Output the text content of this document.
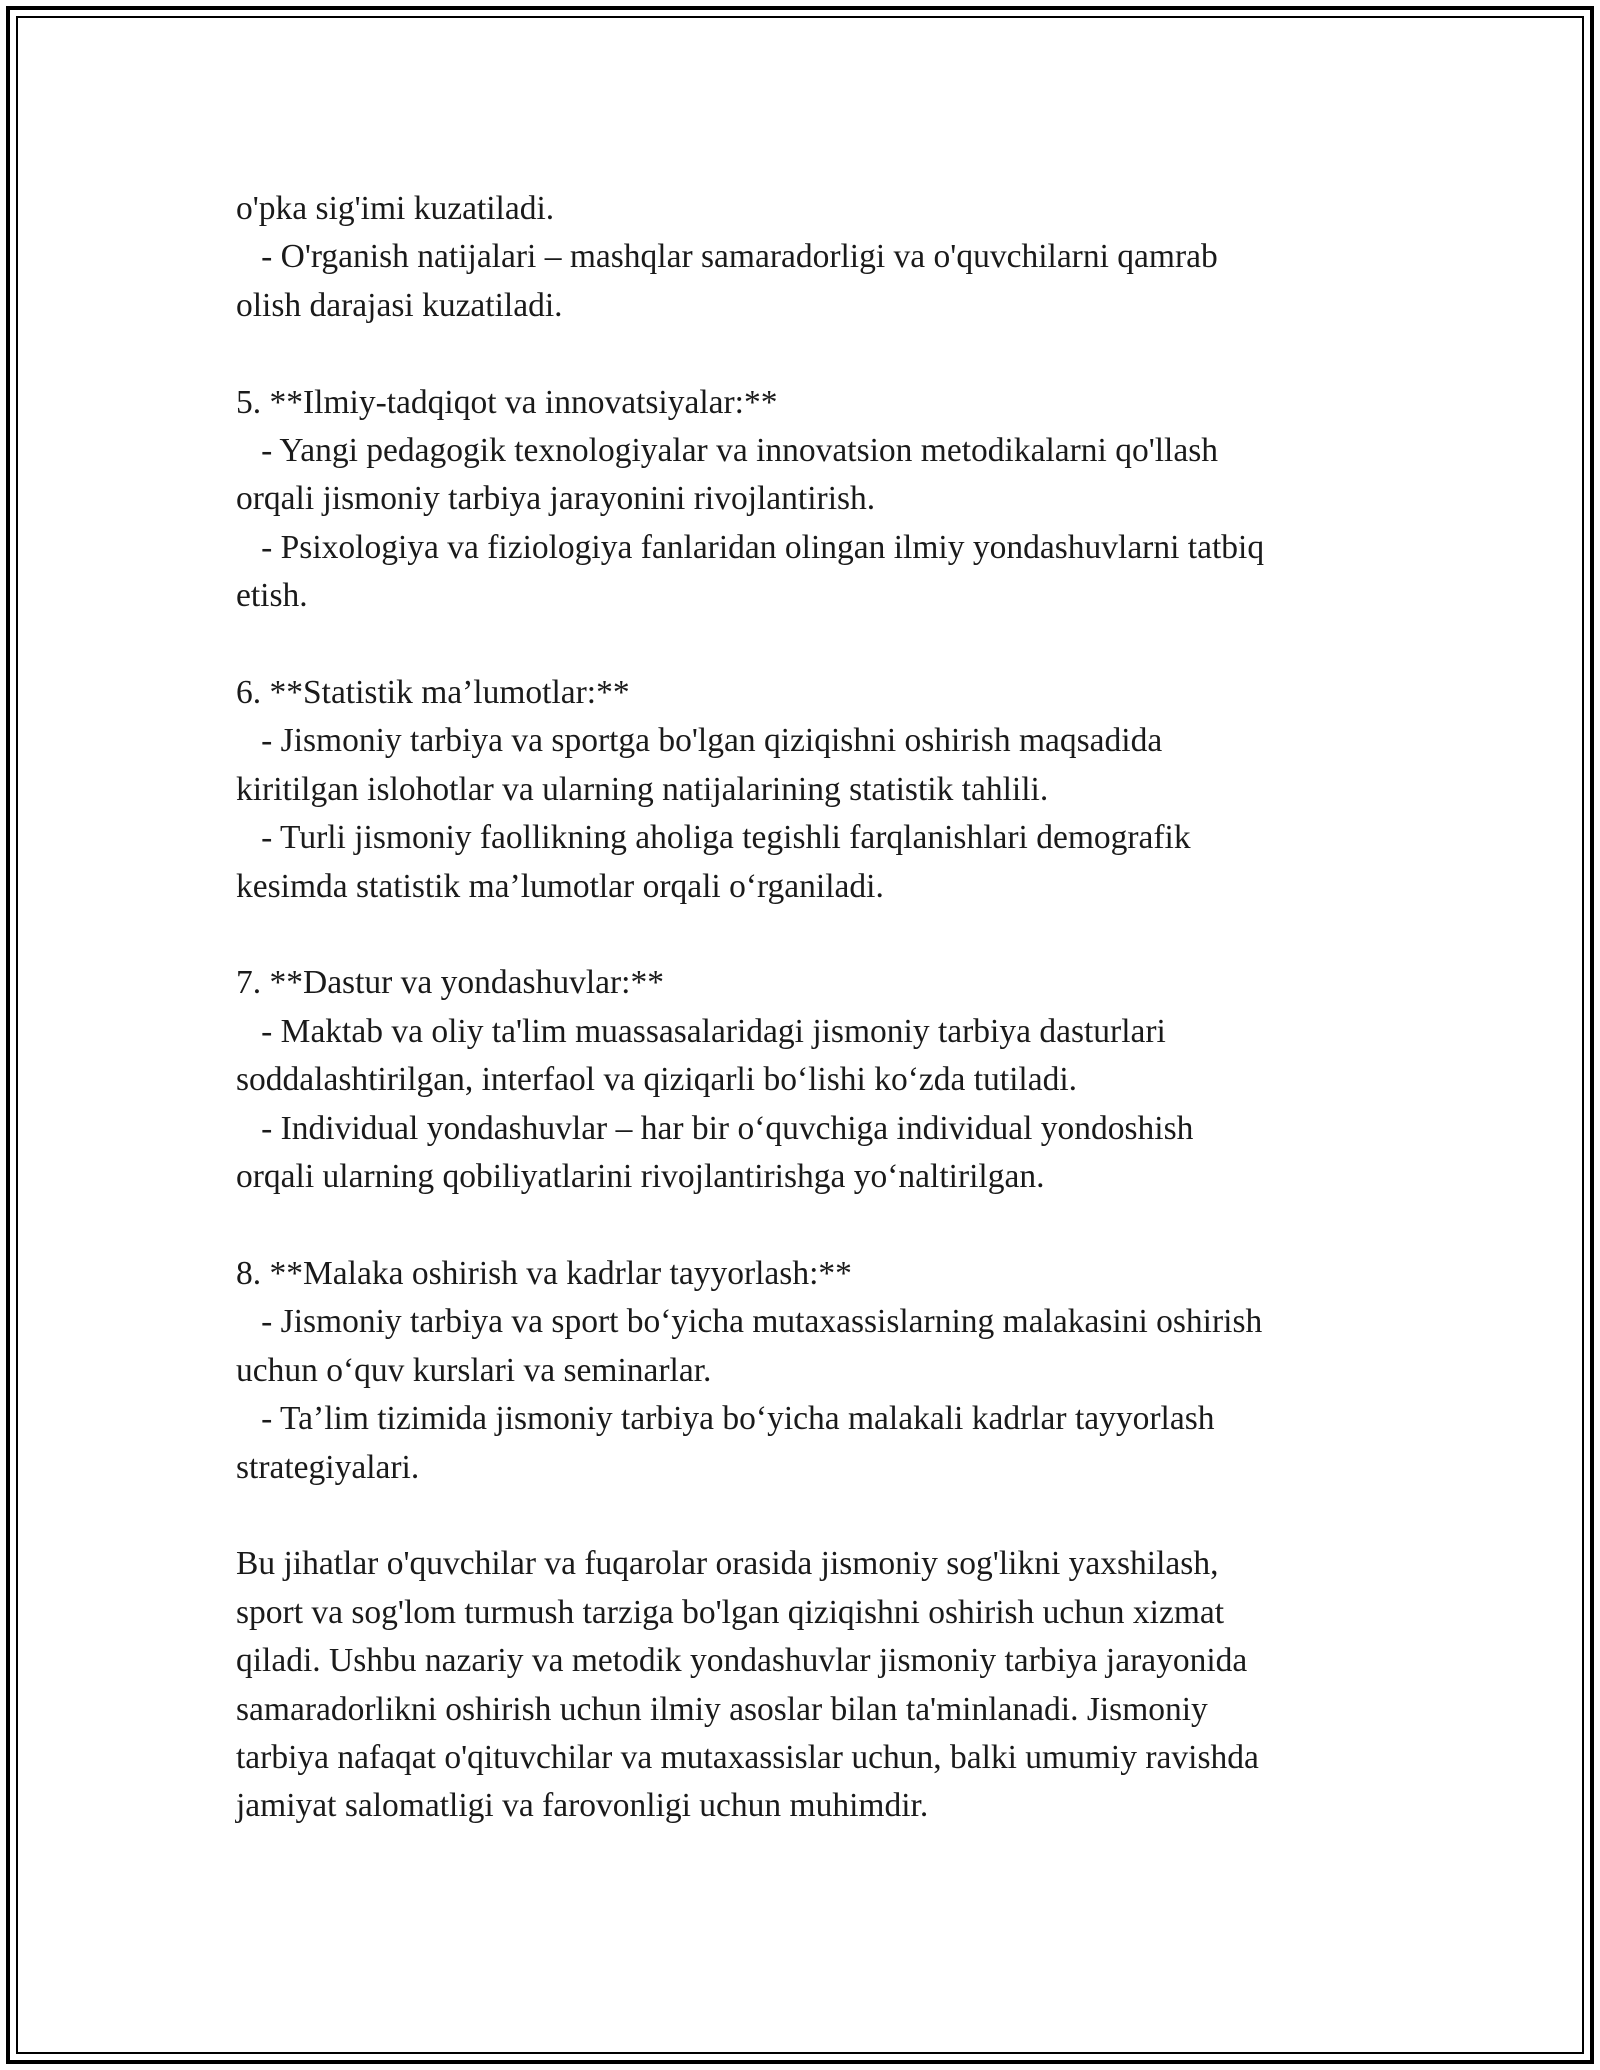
o'pka sig'imi kuzatiladi.
- O'rganish natijalari – mashqlar samaradorligi va o'quvchilarni qamrab
olish darajasi kuzatiladi.
5. **Ilmiy-tadqiqot va innovatsiyalar:**
- Yangi pedagogik texnologiyalar va innovatsion metodikalarni qo'llash
orqali jismoniy tarbiya jarayonini rivojlantirish.
- Psixologiya va fiziologiya fanlaridan olingan ilmiy yondashuvlarni tatbiq
etish.
6. **Statistik ma’lumotlar:**
- Jismoniy tarbiya va sportga bo'lgan qiziqishni oshirish maqsadida
kiritilgan islohotlar va ularning natijalarining statistik tahlili.
- Turli jismoniy faollikning aholiga tegishli farqlanishlari demografik
kesimda statistik ma’lumotlar orqali o‘rganiladi.
7. **Dastur va yondashuvlar:**
- Maktab va oliy ta'lim muassasalaridagi jismoniy tarbiya dasturlari
soddalashtirilgan, interfaol va qiziqarli bo‘lishi ko‘zda tutiladi.
- Individual yondashuvlar – har bir o‘quvchiga individual yondoshish
orqali ularning qobiliyatlarini rivojlantirishga yo‘naltirilgan.
8. **Malaka oshirish va kadrlar tayyorlash:**
- Jismoniy tarbiya va sport bo‘yicha mutaxassislarning malakasini oshirish
uchun o‘quv kurslari va seminarlar.
- Ta’lim tizimida jismoniy tarbiya bo‘yicha malakali kadrlar tayyorlash
strategiyalari.
Bu jihatlar o'quvchilar va fuqarolar orasida jismoniy sog'likni yaxshilash,
sport va sog'lom turmush tarziga bo'lgan qiziqishni oshirish uchun xizmat
qiladi. Ushbu nazariy va metodik yondashuvlar jismoniy tarbiya jarayonida
samaradorlikni oshirish uchun ilmiy asoslar bilan ta'minlanadi. Jismoniy
tarbiya nafaqat o'qituvchilar va mutaxassislar uchun, balki umumiy ravishda
jamiyat salomatligi va farovonligi uchun muhimdir.
